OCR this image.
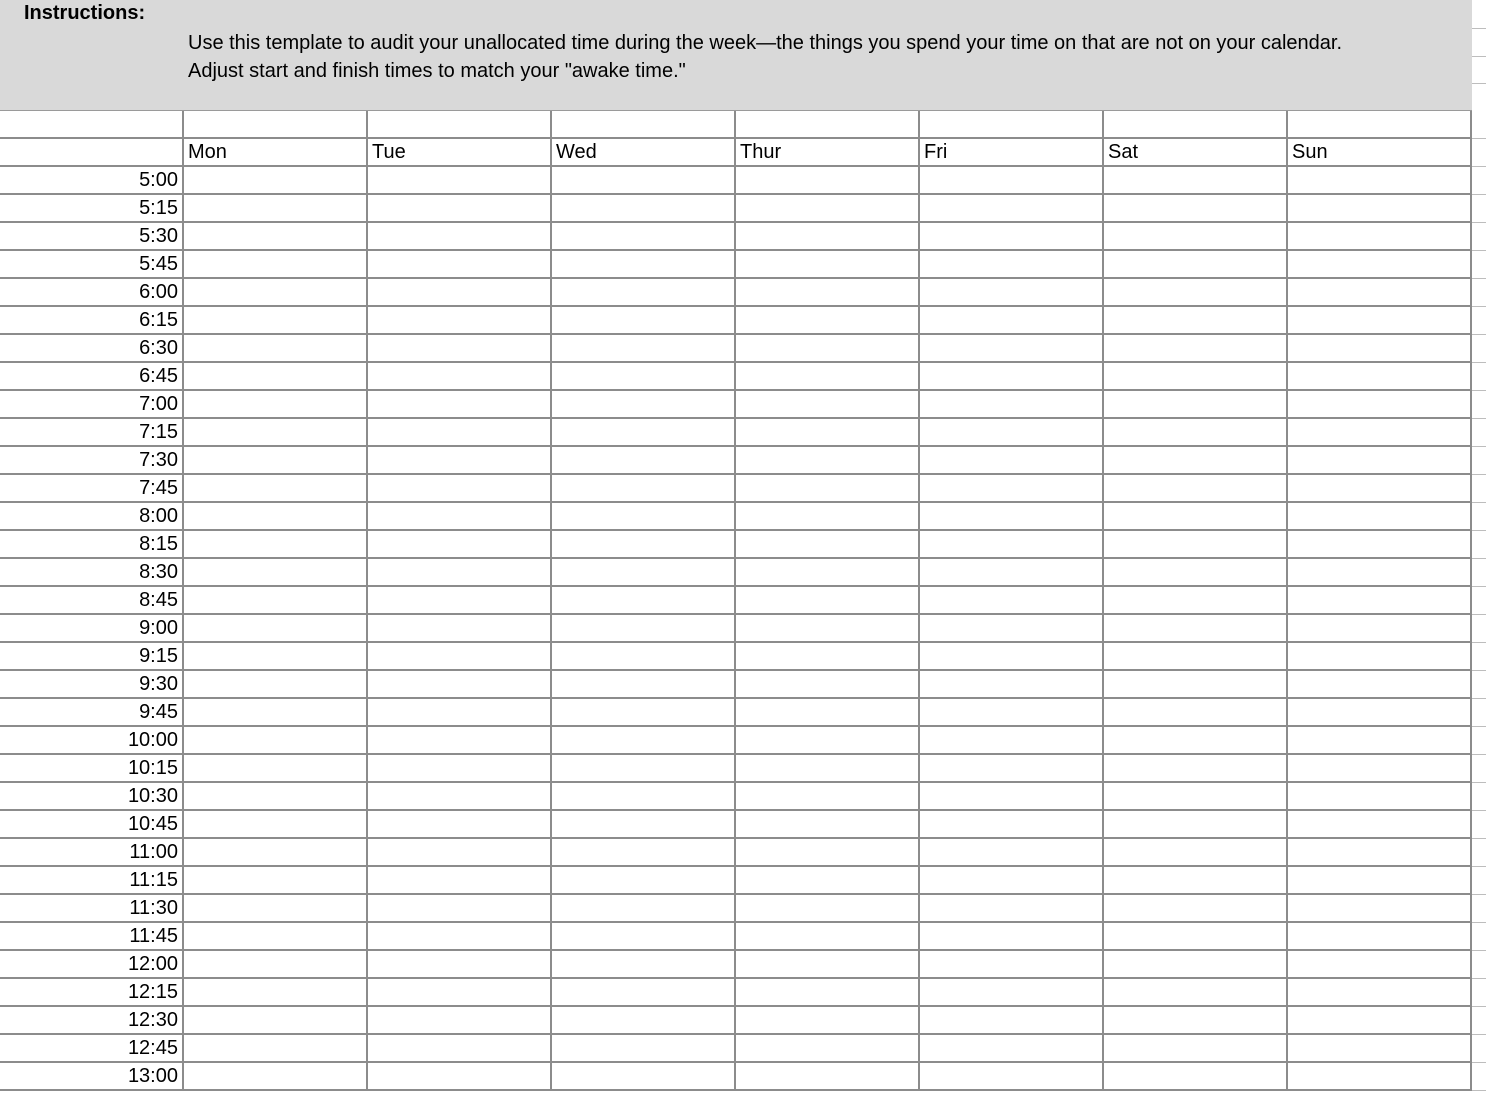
Instructions:
Use this template to audit your unallocated time during the week—the things you spend your time on that are not on your calendar.
Adjust start and finish times to match your "awake time."
Mon	Tue	Wed	Thur	Fri	Sat	Sun
5:00
5:15
5:30
5:45
6:00
6:15
6:30
6:45
7:00
7:15
7:30
7:45
8:00
8:15
8:30
8:45
9:00
9:15
9:30
9:45
10:00
10:15
10:30
10:45
11:00
11:15
11:30
11:45
12:00
12:15
12:30
12:45
13:00
